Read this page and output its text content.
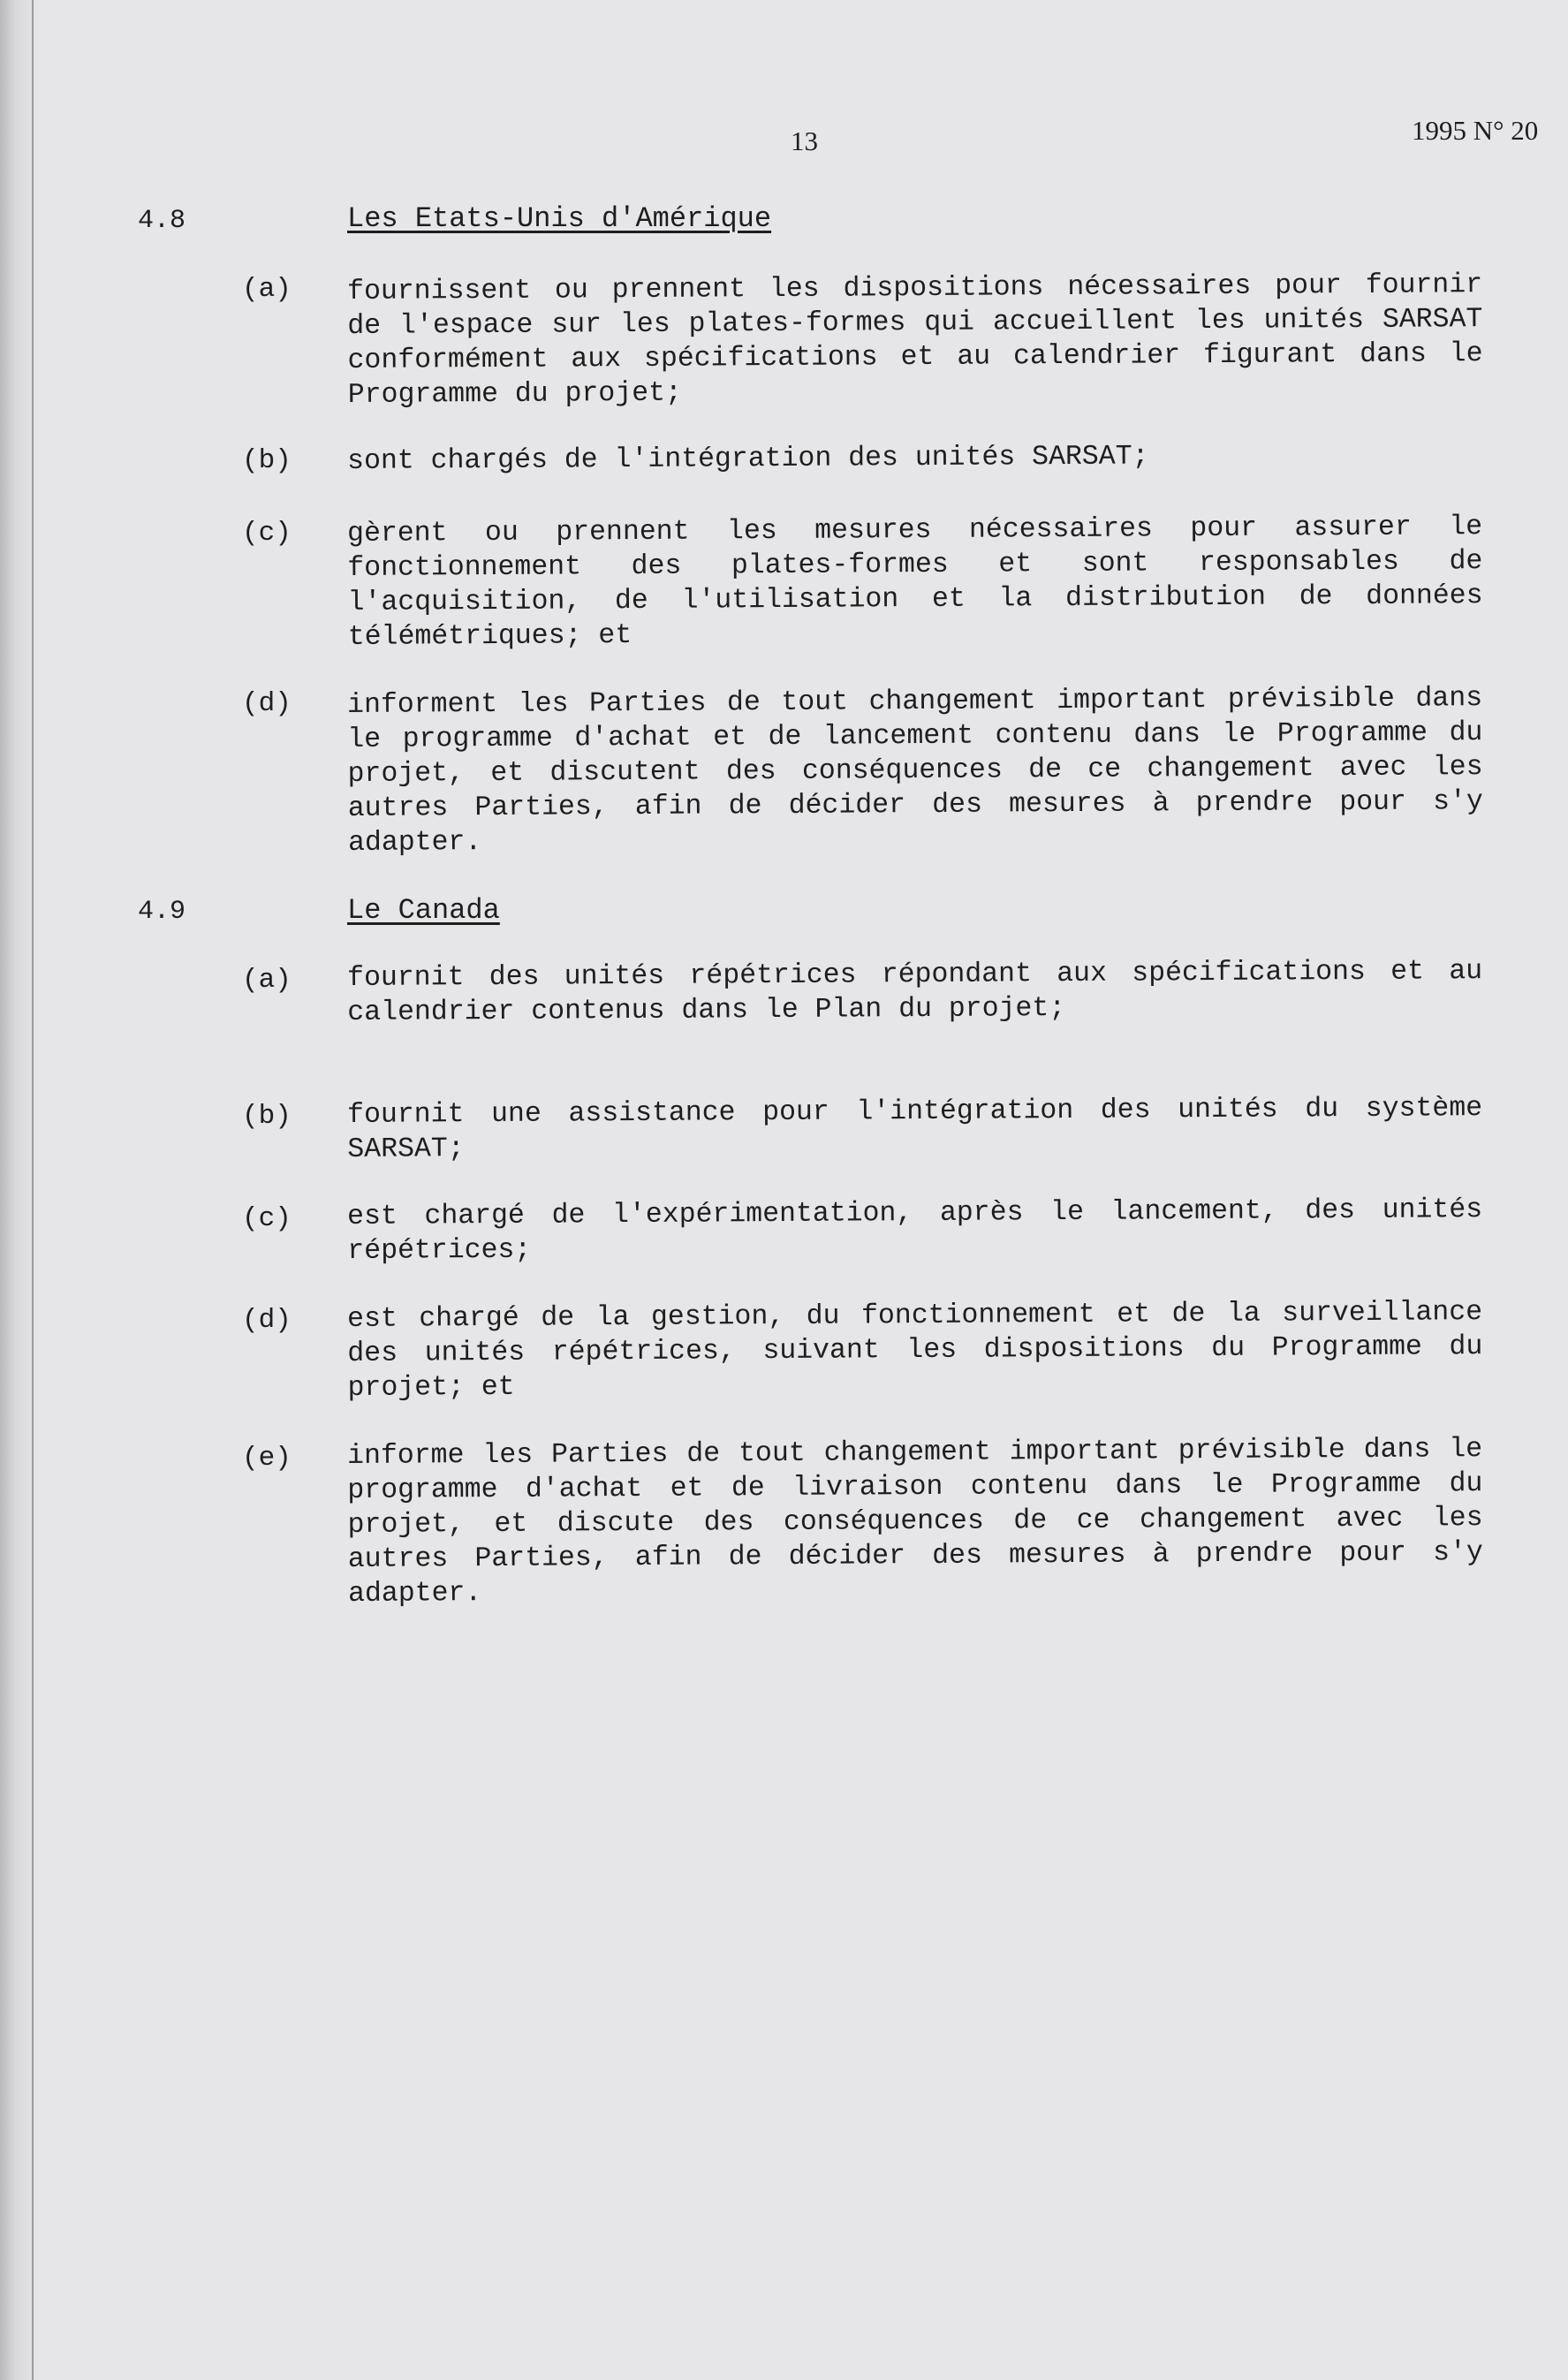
13	1995 N° 20
4.8	Les Etats-Unis d'Amérique
(a) fournissent ou prennent les dispositions nécessaires pour fournir de l'espace sur les plates-formes qui accueillent les unités SARSAT conformément aux spécifications et au calendrier figurant dans le Programme du projet;
(b) sont chargés de l'intégration des unités SARSAT;
(c) gèrent ou prennent les mesures nécessaires pour assurer le fonctionnement des plates-formes et sont responsables de l'acquisition, de l'utilisation et la distribution de données télémétriques; et
(d) informent les Parties de tout changement important prévisible dans le programme d'achat et de lancement contenu dans le Programme du projet, et discutent des conséquences de ce changement avec les autres Parties, afin de décider des mesures à prendre pour s'y adapter.
4.9	Le Canada
(a) fournit des unités répétrices répondant aux spécifications et au calendrier contenus dans le Plan du projet;
(b) fournit une assistance pour l'intégration des unités du système SARSAT;
(c) est chargé de l'expérimentation, après le lancement, des unités répétrices;
(d) est chargé de la gestion, du fonctionnement et de la surveillance des unités répétrices, suivant les dispositions du Programme du projet; et
(e) informe les Parties de tout changement important prévisible dans le programme d'achat et de livraison contenu dans le Programme du projet, et discute des conséquences de ce changement avec les autres Parties, afin de décider des mesures à prendre pour s'y adapter.
